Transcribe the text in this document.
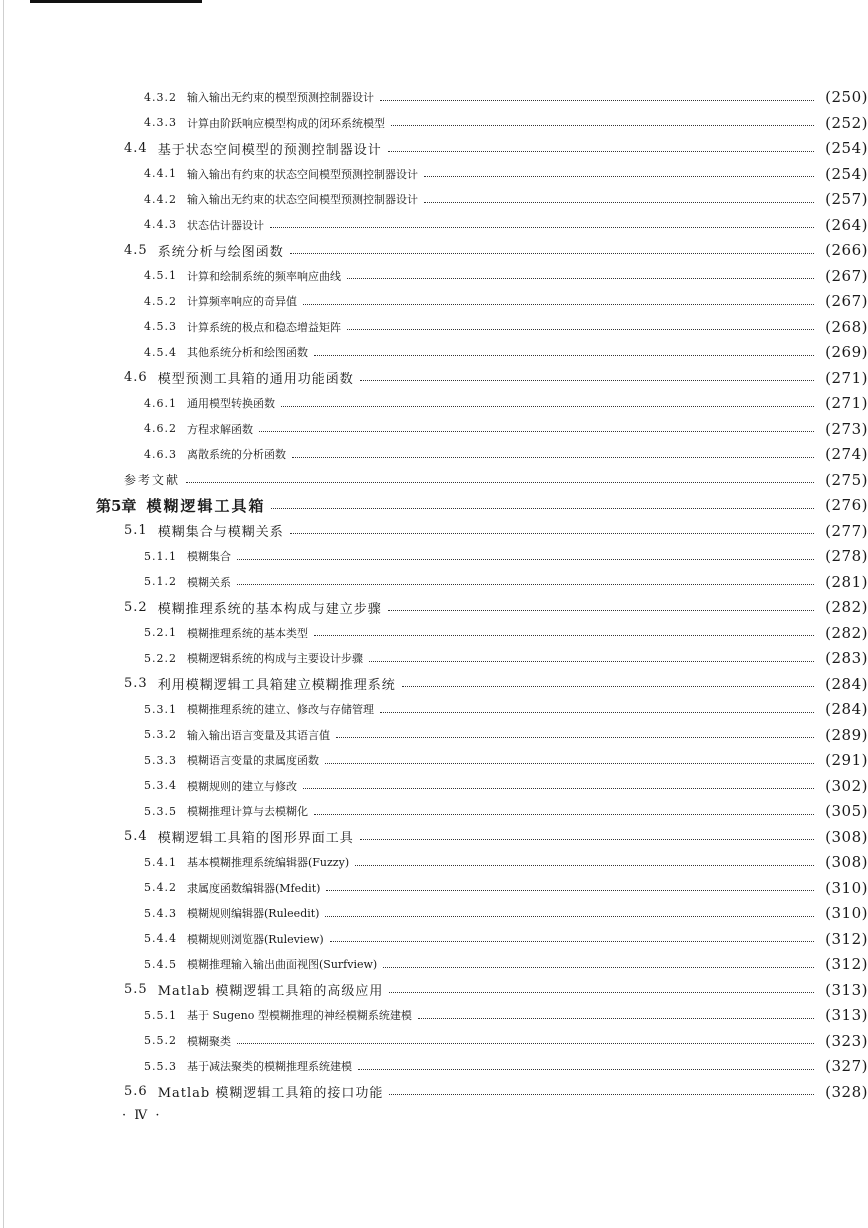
4.3.2 输入输出无约束的模型预测控制器设计	(250)
4.3.3 计算由阶跃响应模型构成的闭环系统模型	(252)
4.4 基于状态空间模型的预测控制器设计	(254)
4.4.1 输入输出有约束的状态空间模型预测控制器设计	(254)
4.4.2 输入输出无约束的状态空间模型预测控制器设计	(257)
4.4.3 状态估计器设计	(264)
4.5 系统分析与绘图函数	(266)
4.5.1 计算和绘制系统的频率响应曲线	(267)
4.5.2 计算频率响应的奇异值	(267)
4.5.3 计算系统的极点和稳态增益矩阵	(268)
4.5.4 其他系统分析和绘图函数	(269)
4.6 模型预测工具箱的通用功能函数	(271)
4.6.1 通用模型转换函数	(271)
4.6.2 方程求解函数	(273)
4.6.3 离散系统的分析函数	(274)
参考文献	(275)
第5章 模糊逻辑工具箱	(276)
5.1 模糊集合与模糊关系	(277)
5.1.1 模糊集合	(278)
5.1.2 模糊关系	(281)
5.2 模糊推理系统的基本构成与建立步骤	(282)
5.2.1 模糊推理系统的基本类型	(282)
5.2.2 模糊逻辑系统的构成与主要设计步骤	(283)
5.3 利用模糊逻辑工具箱建立模糊推理系统	(284)
5.3.1 模糊推理系统的建立、修改与存储管理	(284)
5.3.2 输入输出语言变量及其语言值	(289)
5.3.3 模糊语言变量的隶属度函数	(291)
5.3.4 模糊规则的建立与修改	(302)
5.3.5 模糊推理计算与去模糊化	(305)
5.4 模糊逻辑工具箱的图形界面工具	(308)
5.4.1 基本模糊推理系统编辑器(Fuzzy)	(308)
5.4.2 隶属度函数编辑器(Mfedit)	(310)
5.4.3 模糊规则编辑器(Ruleedit)	(310)
5.4.4 模糊规则浏览器(Ruleview)	(312)
5.4.5 模糊推理输入输出曲面视图(Surfview)	(312)
5.5 Matlab 模糊逻辑工具箱的高级应用	(313)
5.5.1 基于 Sugeno 型模糊推理的神经模糊系统建模	(313)
5.5.2 模糊聚类	(323)
5.5.3 基于减法聚类的模糊推理系统建模	(327)
5.6 Matlab 模糊逻辑工具箱的接口功能	(328)
· Ⅳ ·
